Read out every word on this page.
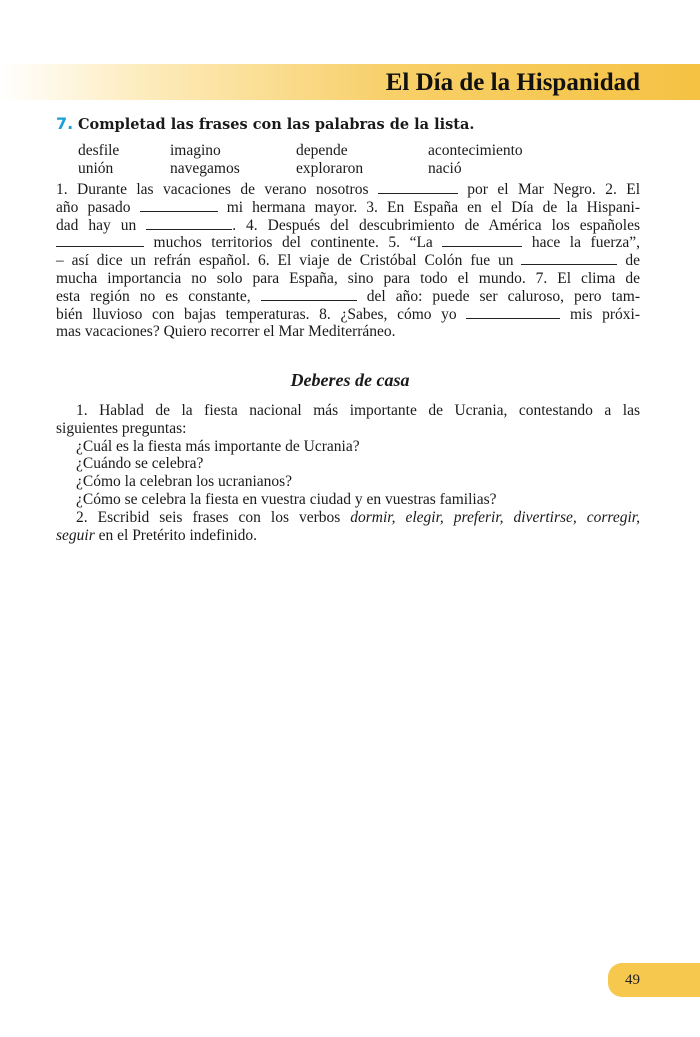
El Día de la Hispanidad
7. Completad las frases con las palabras de la lista.
desfile	imagino	depende	acontecimiento
unión	navegamos	exploraron	nació
1. Durante las vacaciones de verano nosotros	por el Mar Negro. 2. El
año pasado	mi hermana mayor. 3. En España en el Día de la Hispani-
dad hay un	. 4. Después del descubrimiento de América los españoles
muchos territorios del continente. 5. “La	hace la fuerza”,
– así dice un refrán español. 6. El viaje de Cristóbal Colón fue un	de
mucha importancia no solo para España, sino para todo el mundo. 7. El clima de
esta región no es constante,	del año: puede ser caluroso, pero tam-
bién lluvioso con bajas temperaturas. 8. ¿Sabes, cómo yo	mis próxi-
mas vacaciones? Quiero recorrer el Mar Mediterráneo.
Deberes de casa
1. Hablad de la fiesta nacional más importante de Ucrania, contestando a las
siguientes preguntas:
¿Cuál es la fiesta más importante de Ucrania?
¿Cuándo se celebra?
¿Cómo la celebran los ucranianos?
¿Cómo se celebra la fiesta en vuestra ciudad y en vuestras familias?
2. Escribid seis frases con los verbos dormir, elegir, preferir, divertirse, corregir,
seguir en el Pretérito indefinido.
49
